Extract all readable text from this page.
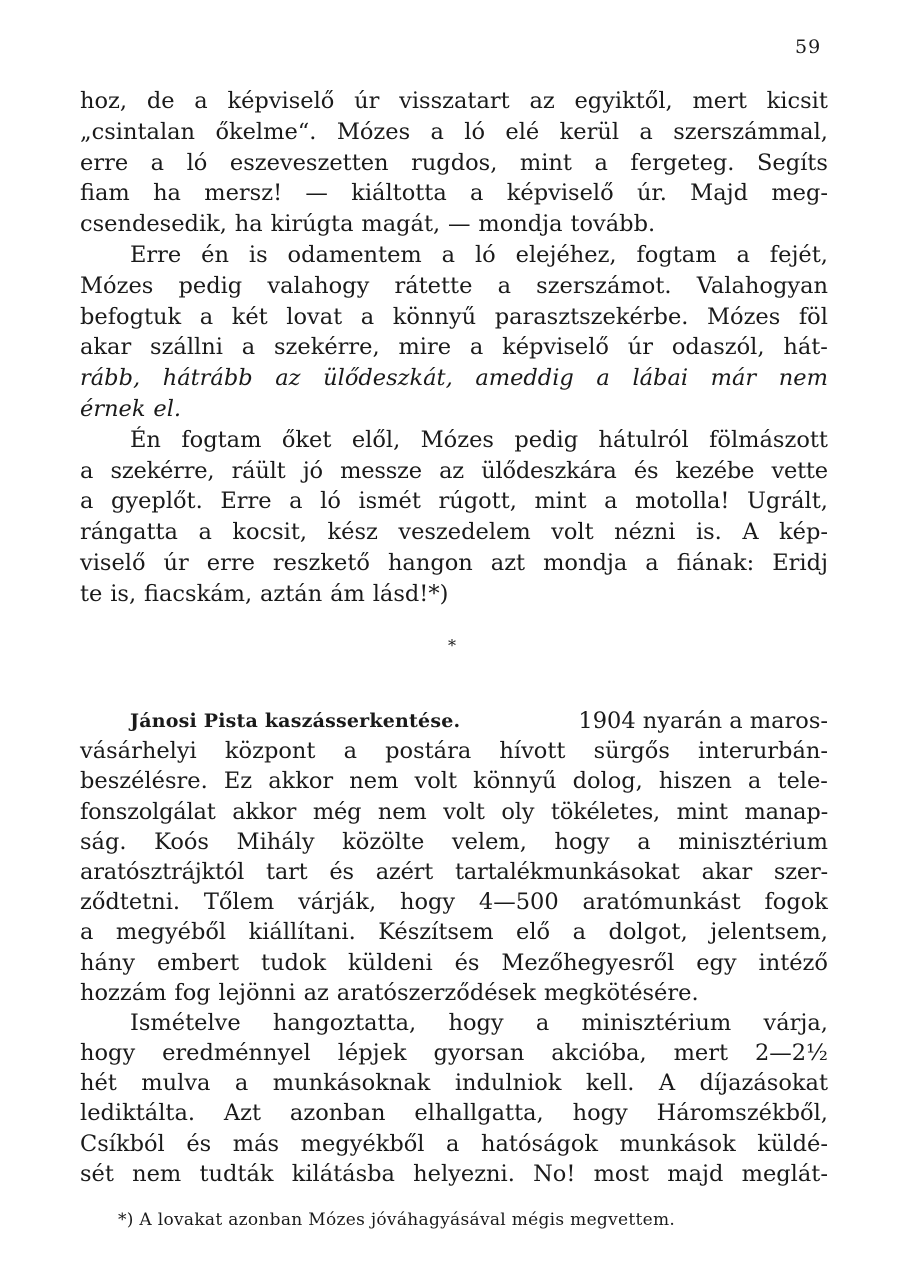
59
hoz, de a képviselő úr visszatart az egyiktől, mert kicsit
„csintalan őkelme“. Mózes a ló elé kerül a szerszámmal,
erre a ló eszeveszetten rugdos, mint a fergeteg. Segíts
fiam ha mersz! — kiáltotta a képviselő úr. Majd meg-
csendesedik, ha kirúgta magát, — mondja tovább.
Erre én is odamentem a ló elejéhez, fogtam a fejét,
Mózes pedig valahogy rátette a szerszámot. Valahogyan
befogtuk a két lovat a könnyű parasztszekérbe. Mózes föl
akar szállni a szekérre, mire a képviselő úr odaszól, hát-
rább, hátrább az ülődeszkát, ameddig a lábai már nem
érnek el.
Én fogtam őket elől, Mózes pedig hátulról fölmászott
a szekérre, ráült jó messze az ülődeszkára és kezébe vette
a gyeplőt. Erre a ló ismét rúgott, mint a motolla! Ugrált,
rángatta a kocsit, kész veszedelem volt nézni is. A kép-
viselő úr erre reszkető hangon azt mondja a fiának: Eridj
te is, fiacskám, aztán ám lásd!*)
*
Jánosi Pista kaszásserkentése.	1904 nyarán a maros-
vásárhelyi központ a postára hívott sürgős interurbán-
beszélésre. Ez akkor nem volt könnyű dolog, hiszen a tele-
fonszolgálat akkor még nem volt oly tökéletes, mint manap-
ság. Koós Mihály közölte velem, hogy a minisztérium
aratósztrájktól tart és azért tartalékmunkásokat akar szer-
ződtetni. Tőlem várják, hogy 4—500 aratómunkást fogok
a megyéből kiállítani. Készítsem elő a dolgot, jelentsem,
hány embert tudok küldeni és Mezőhegyesről egy intéző
hozzám fog lejönni az aratószerződések megkötésére.
Ismételve hangoztatta, hogy a minisztérium várja,
hogy eredménnyel lépjek gyorsan akcióba, mert 2—2½
hét mulva a munkásoknak indulniok kell. A díjazásokat
lediktálta. Azt azonban elhallgatta, hogy Háromszékből,
Csíkból és más megyékből a hatóságok munkások küldé-
sét nem tudták kilátásba helyezni. No! most majd meglát-
*) A lovakat azonban Mózes jóváhagyásával mégis megvettem.
